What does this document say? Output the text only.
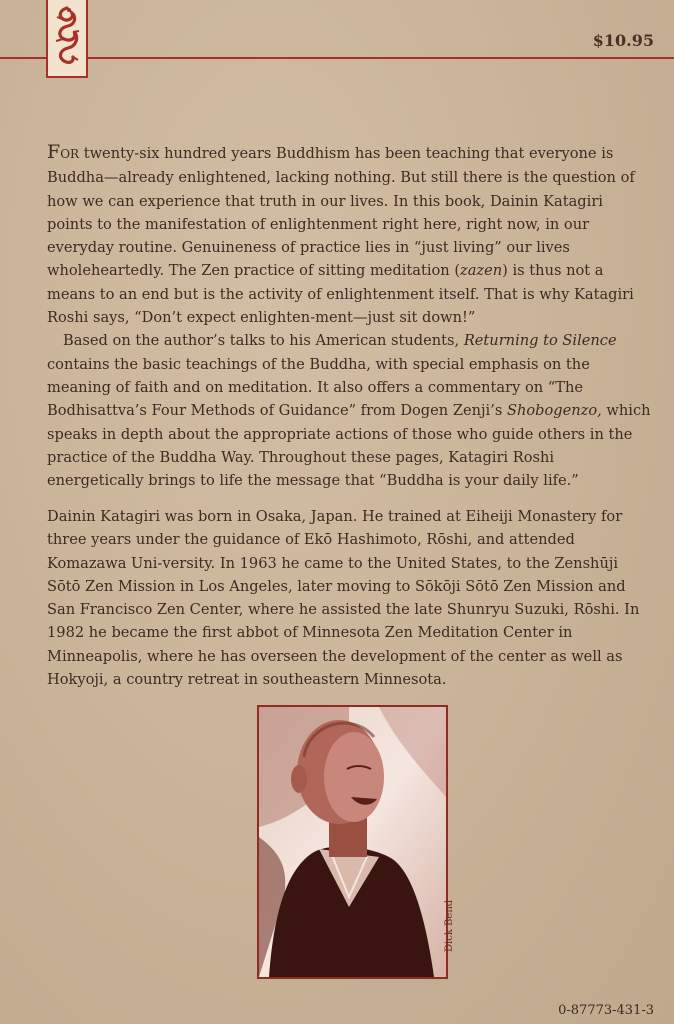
$10.95

FOR twenty-six hundred years Buddhism has been teaching that everyone is Buddha—already enlightened, lacking nothing. But still there is the question of how we can experience that truth in our lives. In this book, Dainin Katagiri points to the manifestation of enlightenment right here, right now, in our everyday routine. Genuineness of practice lies in “just living” our lives wholeheartedly. The Zen practice of sitting meditation (zazen) is thus not a means to an end but is the activity of enlightenment itself. That is why Katagiri Roshi says, “Don’t expect enlighten-ment—just sit down!”

Based on the author’s talks to his American students, Returning to Silence contains the basic teachings of the Buddha, with special emphasis on the meaning of faith and on meditation. It also offers a commentary on “The Bodhisattva’s Four Methods of Guidance” from Dogen Zenji’s Shobogenzo, which speaks in depth about the appropriate actions of those who guide others in the practice of the Buddha Way. Throughout these pages, Katagiri Roshi energetically brings to life the message that “Buddha is your daily life.”

Dainin Katagiri was born in Osaka, Japan. He trained at Eiheiji Monastery for three years under the guidance of Ekō Hashimoto, Rōshi, and attended Komazawa Uni-versity. In 1963 he came to the United States, to the Zenshūji Sōtō Zen Mission in Los Angeles, later moving to Sōkōji Sōtō Zen Mission and San Francisco Zen Center, where he assisted the late Shunryu Suzuki, Rōshi. In 1982 he became the first abbot of Minnesota Zen Meditation Center in Minneapolis, where he has overseen the development of the center as well as Hokyoji, a country retreat in southeastern Minnesota.

Dick Bend
0-87773-431-3
